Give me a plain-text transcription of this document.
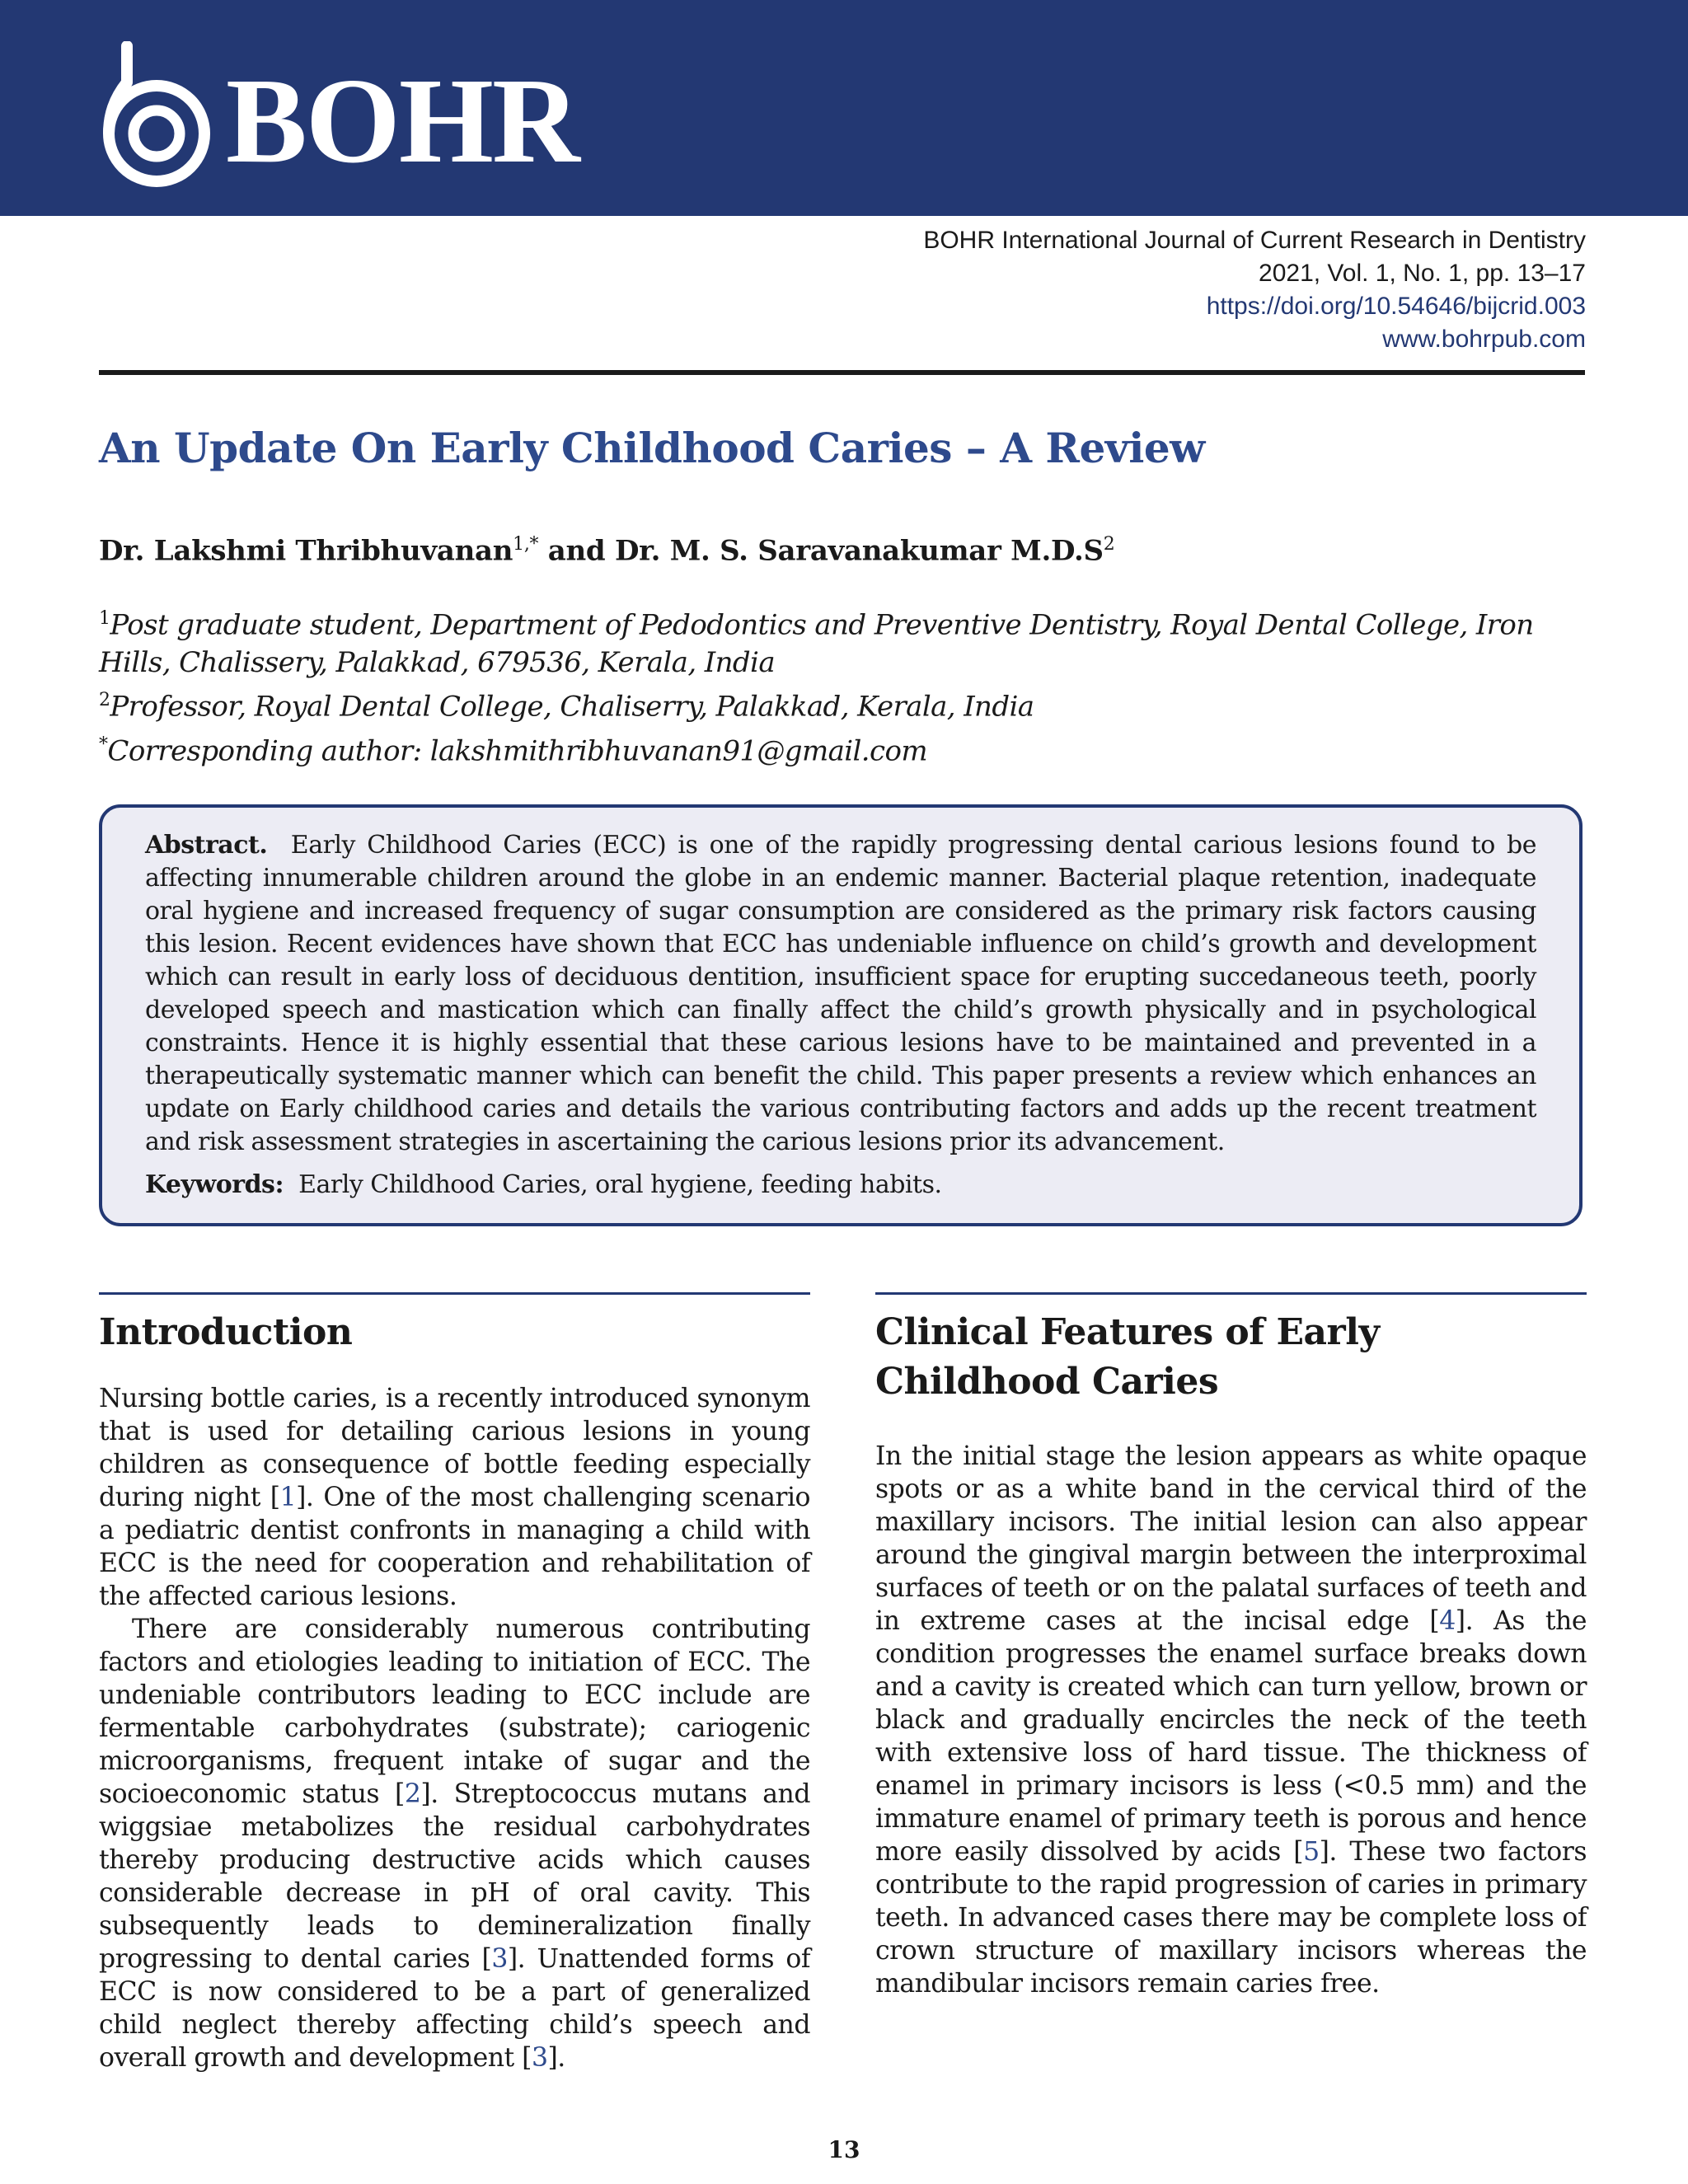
BOHR
BOHR International Journal of Current Research in Dentistry
2021, Vol. 1, No. 1, pp. 13–17
https://doi.org/10.54646/bijcrid.003
www.bohrpub.com
An Update On Early Childhood Caries – A Review
Dr. Lakshmi Thribhuvanan$^{1,*}$ and Dr. M. S. Saravanakumar $M.D.S^2$
$^1$Post graduate student, Department of Pedodontics and Preventive Dentistry, Royal Dental College, Iron Hills, Chalissery, Palakkad, 679536, Kerala, India
$^2$Professor, Royal Dental College, Chaliserry, Palakkad, Kerala, India
*Corresponding author: lakshmithribhuvanan91@gmail.com

Abstract. Early Childhood Caries (ECC) is one of the rapidly progressing dental carious lesions found to be affecting innumerable children around the globe in an endemic manner. Bacterial plaque retention, inadequate oral hygiene and increased frequency of sugar consumption are considered as the primary risk factors causing this lesion. Recent evidences have shown that ECC has undeniable influence on child’s growth and development which can result in early loss of deciduous dentition, insufficient space for erupting succedaneous teeth, poorly developed speech and mastication which can finally affect the child’s growth physically and in psychological constraints. Hence it is highly essential that these carious lesions have to be maintained and prevented in a therapeutically systematic manner which can benefit the child. This paper presents a review which enhances an update on Early childhood caries and details the various contributing factors and adds up the recent treatment and risk assessment strategies in ascertaining the carious lesions prior its advancement.

Keywords: Early Childhood Caries, oral hygiene, feeding habits.

Introduction

Nursing bottle caries, is a recently introduced synonym that is used for detailing carious lesions in young children as consequence of bottle feeding especially during night [1]. One of the most challenging scenario a pediatric dentist confronts in managing a child with ECC is the need for cooperation and rehabilitation of the affected carious lesions.

There are considerably numerous contributing factors and etiologies leading to initiation of ECC. The undeniable contributors leading to ECC include are fermentable carbohydrates (substrate); cariogenic microorganisms, frequent intake of sugar and the socioeconomic status [2]. Streptococcus mutans and wiggsiae metabolizes the residual carbohydrates thereby producing destructive acids which causes considerable decrease in pH of oral cavity. This subsequently leads to demineralization finally progressing to dental caries [3]. Unattended forms of ECC is now considered to be a part of generalized child neglect thereby affecting child’s speech and overall growth and development [3].

Clinical Features of Early Childhood Caries

In the initial stage the lesion appears as white opaque spots or as a white band in the cervical third of the maxillary incisors. The initial lesion can also appear around the gingival margin between the interproximal surfaces of teeth or on the palatal surfaces of teeth and in extreme cases at the incisal edge [4]. As the condition progresses the enamel surface breaks down and a cavity is created which can turn yellow, brown or black and gradually encircles the neck of the teeth with extensive loss of hard tissue. The thickness of enamel in primary incisors is less (<0.5 mm) and the immature enamel of primary teeth is porous and hence more easily dissolved by acids [5]. These two factors contribute to the rapid progression of caries in primary teeth. In advanced cases there may be complete loss of crown structure of maxillary incisors whereas the mandibular incisors remain caries free.

13
